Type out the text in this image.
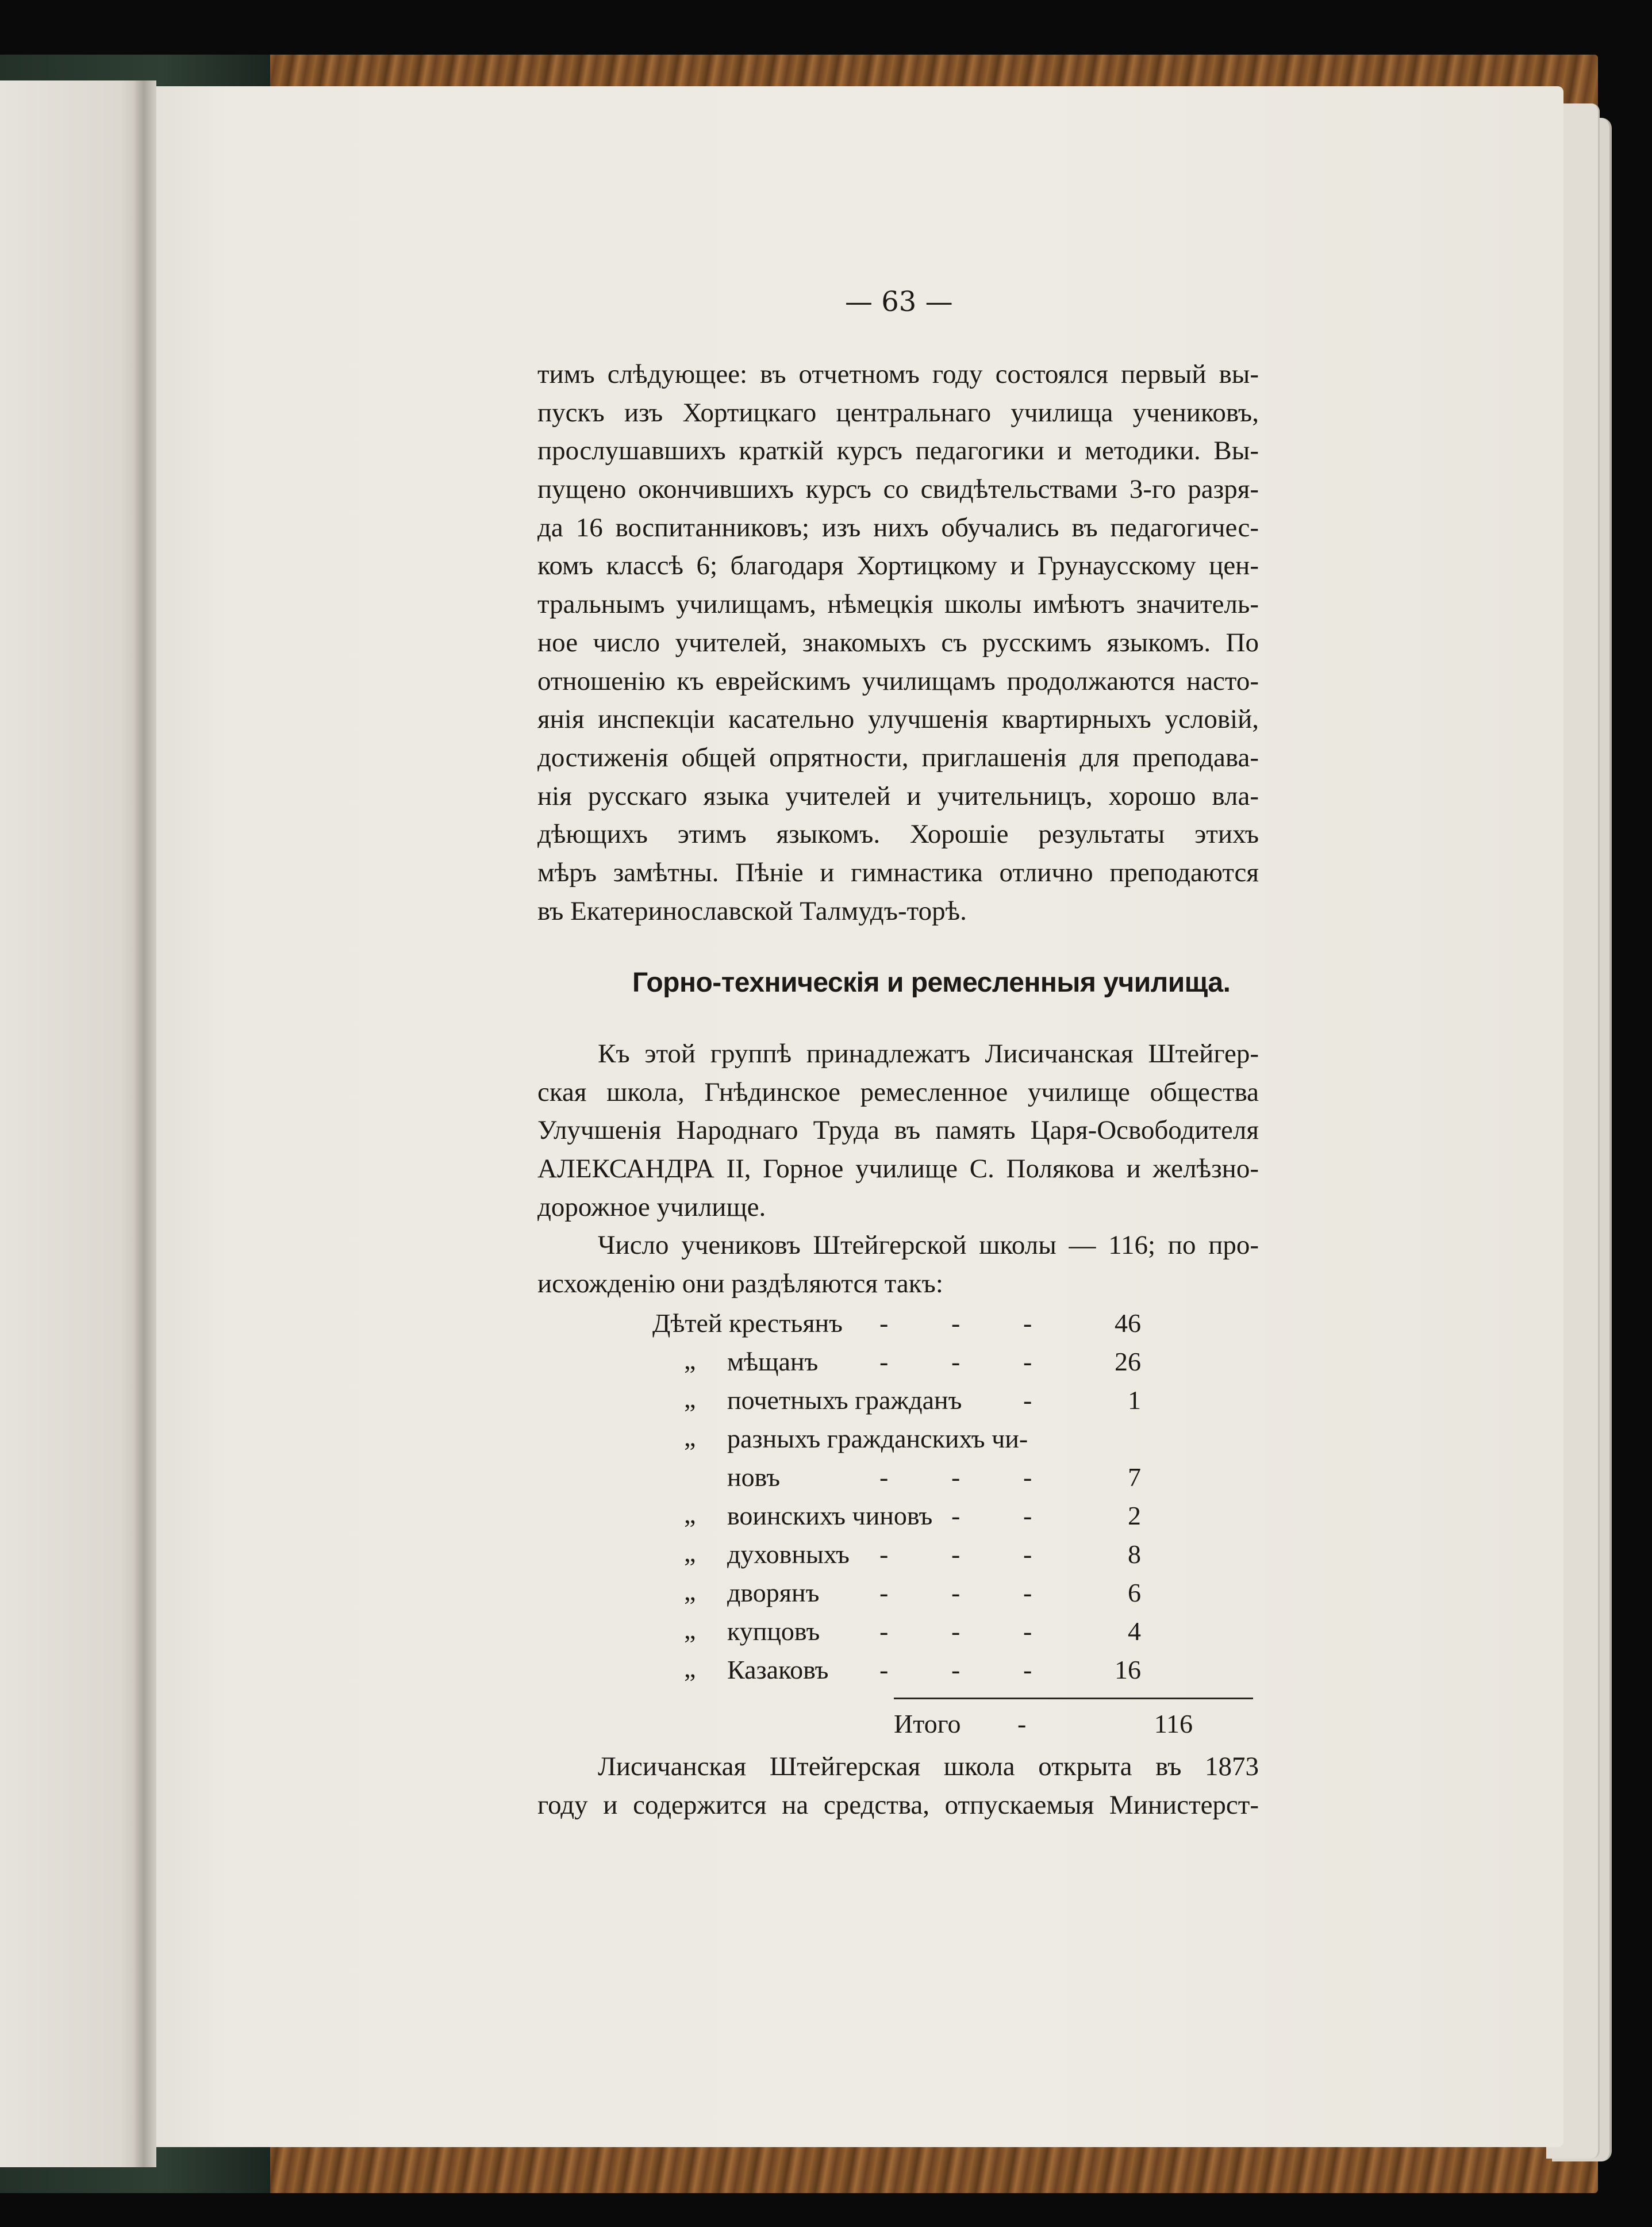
— 63 —
тимъ слѣдующее: въ отчетномъ году состоялся первый вы-
пускъ изъ Хортицкаго центральнаго училища учениковъ,
прослушавшихъ краткій курсъ педагогики и методики. Вы-
пущено окончившихъ курсъ со свидѣтельствами 3-го разря-
да 16 воспитанниковъ; изъ нихъ обучались въ педагогичес-
комъ классѣ 6; благодаря Хортицкому и Грунаусскому цен-
тральнымъ училищамъ, нѣмецкія школы имѣютъ значитель-
ное число учителей, знакомыхъ съ русскимъ языкомъ. По
отношенію къ еврейскимъ училищамъ продолжаются насто-
янія инспекціи касательно улучшенія квартирныхъ условій,
достиженія общей опрятности, приглашенія для преподава-
нія русскаго языка учителей и учительницъ, хорошо вла-
дѣющихъ этимъ языкомъ. Хорошіе результаты этихъ
мѣръ замѣтны. Пѣніе и гимнастика отлично преподаются
въ Екатеринославской Талмудъ-торѣ.
Горно-техническія и ремесленныя училища.
Къ этой группѣ принадлежатъ Лисичанская Штейгер-
ская школа, Гнѣдинское ремесленное училище общества
Улучшенія Народнаго Труда въ память Царя-Освободителя
АЛЕКСАНДРА II, Горное училище С. Полякова и желѣзно-
дорожное училище.
Число учениковъ Штейгерской школы — 116; по про-
исхожденію они раздѣляются такъ:
Дѣтей крестьянъ - - -	46
„ мѣщанъ - - -	26
„ почетныхъ гражданъ -	1
„ разныхъ гражданскихъ чи-
новъ	- - -	7
„ воинскихъ чиновъ - -	2
„ духовныхъ - - -	8
„ дворянъ - - -	6
„ купцовъ - - -	4
„ Казаковъ - - -	16
Итого -	116
Лисичанская Штейгерская школа открыта въ 1873
году и содержится на средства, отпускаемыя Министерст-
